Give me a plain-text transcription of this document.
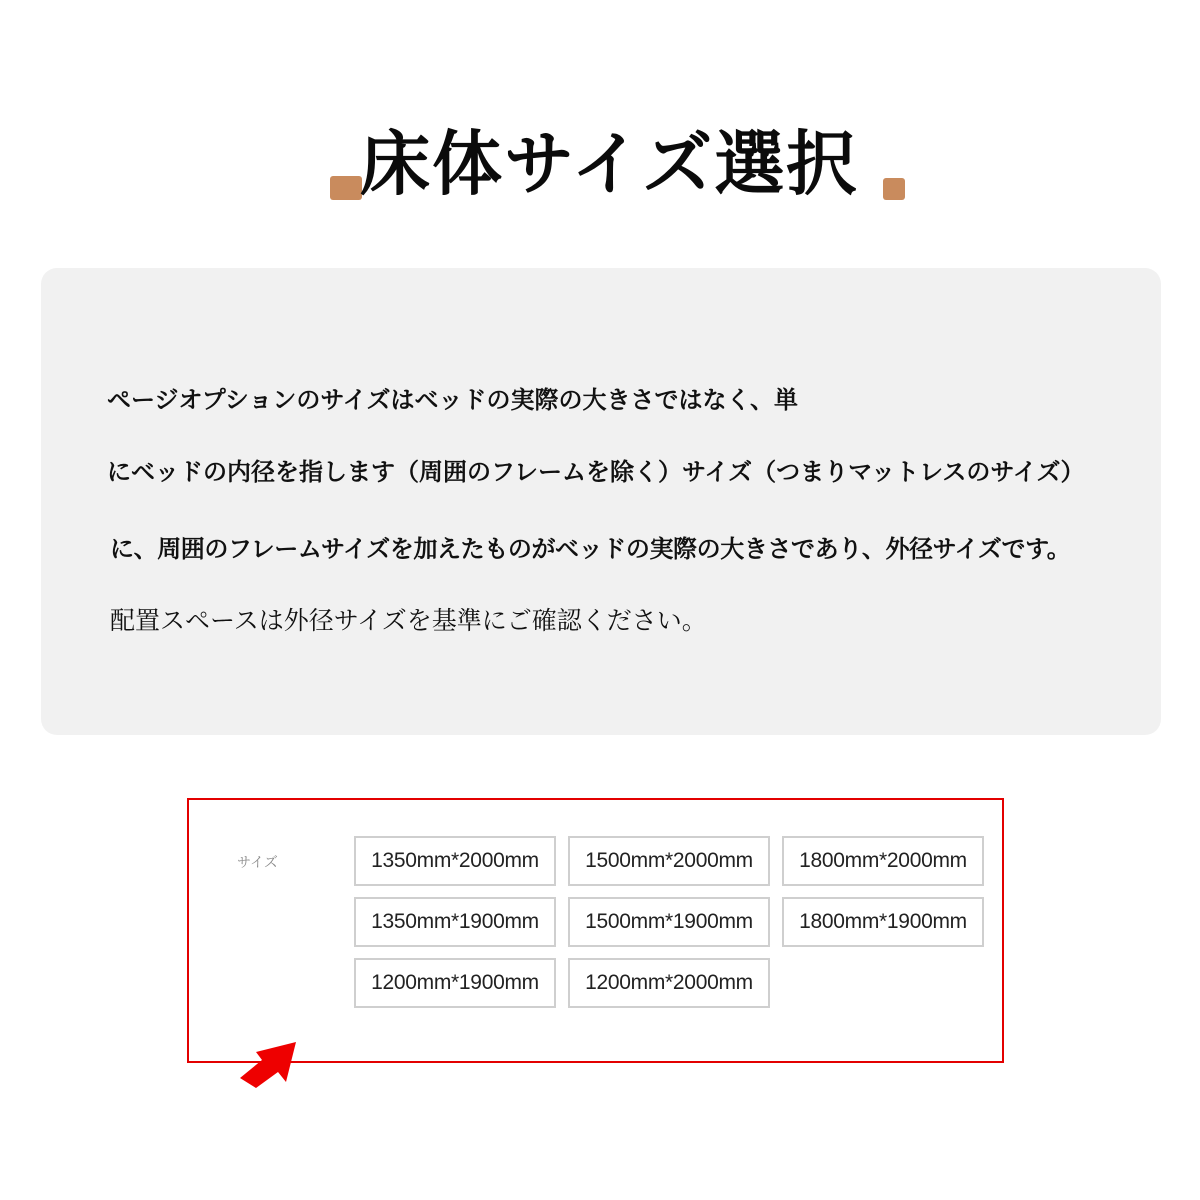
床体サイズ選択
ページオプションのサイズはベッドの実際の大きさではなく、単
にベッドの内径を指します（周囲のフレームを除く）サイズ（つまりマットレスのサイズ）
に、周囲のフレームサイズを加えたものがベッドの実際の大きさであり、外径サイズです。
配置スペースは外径サイズを基準にご確認ください。
サイズ	1350mm*2000mm	1500mm*2000mm	1800mm*2000mm
1350mm*1900mm	1500mm*1900mm	1800mm*1900mm
1200mm*1900mm	1200mm*2000mm
